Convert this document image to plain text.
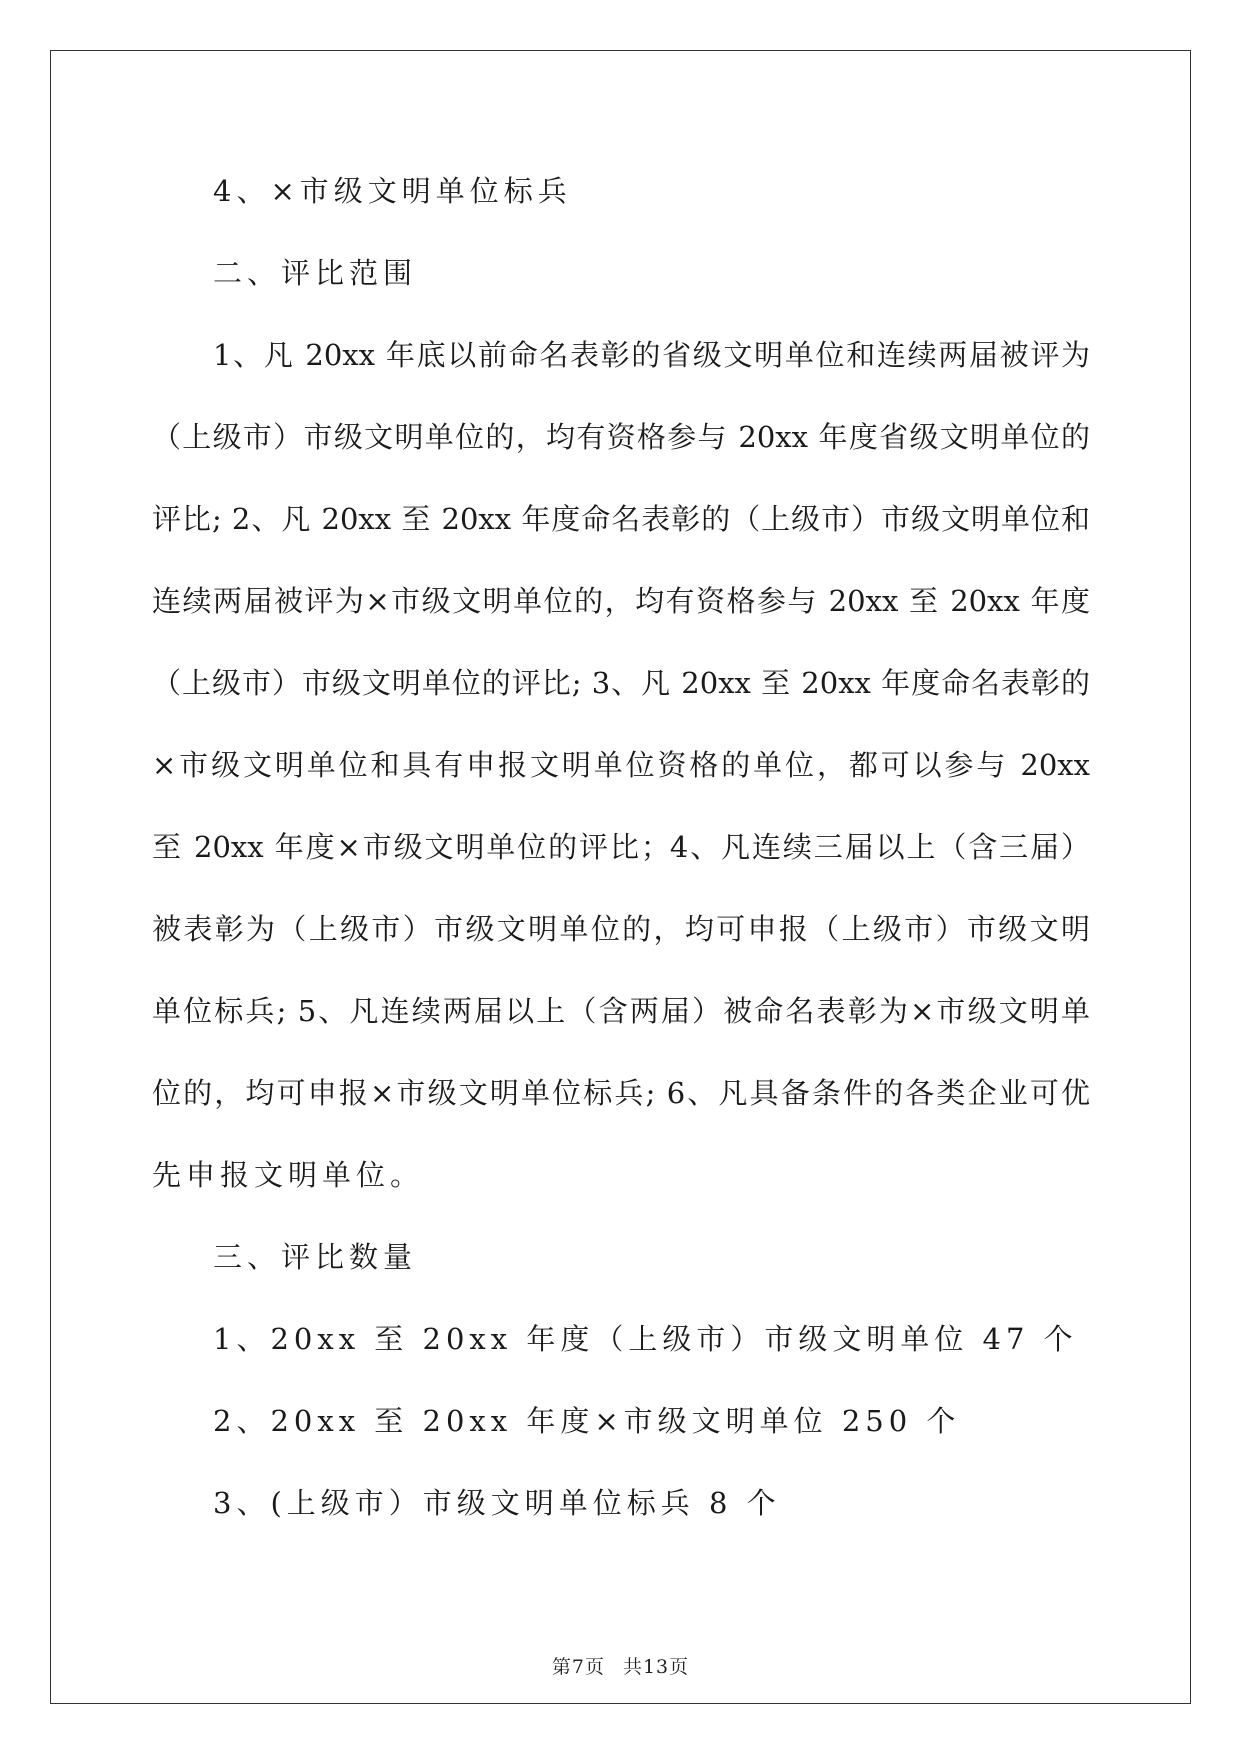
4、×市级文明单位标兵
二、评比范围
1、凡 20xx 年底以前命名表彰的省级文明单位和连续两届被评为
（上级市）市级文明单位的，均有资格参与 20xx 年度省级文明单位的
评比; 2、凡 20xx 至 20xx 年度命名表彰的（上级市）市级文明单位和
连续两届被评为×市级文明单位的，均有资格参与 20xx 至 20xx 年度
（上级市）市级文明单位的评比; 3、凡 20xx 至 20xx 年度命名表彰的
×市级文明单位和具有申报文明单位资格的单位，都可以参与 20xx
至 20xx 年度×市级文明单位的评比；4、凡连续三届以上（含三届）
被表彰为（上级市）市级文明单位的，均可申报（上级市）市级文明
单位标兵; 5、凡连续两届以上（含两届）被命名表彰为×市级文明单
位的，均可申报×市级文明单位标兵; 6、凡具备条件的各类企业可优
先申报文明单位。
三、评比数量
1、20xx 至 20xx 年度（上级市）市级文明单位 47 个
2、20xx 至 20xx 年度×市级文明单位 250 个
3、(上级市）市级文明单位标兵 8 个
第7页 共13页
